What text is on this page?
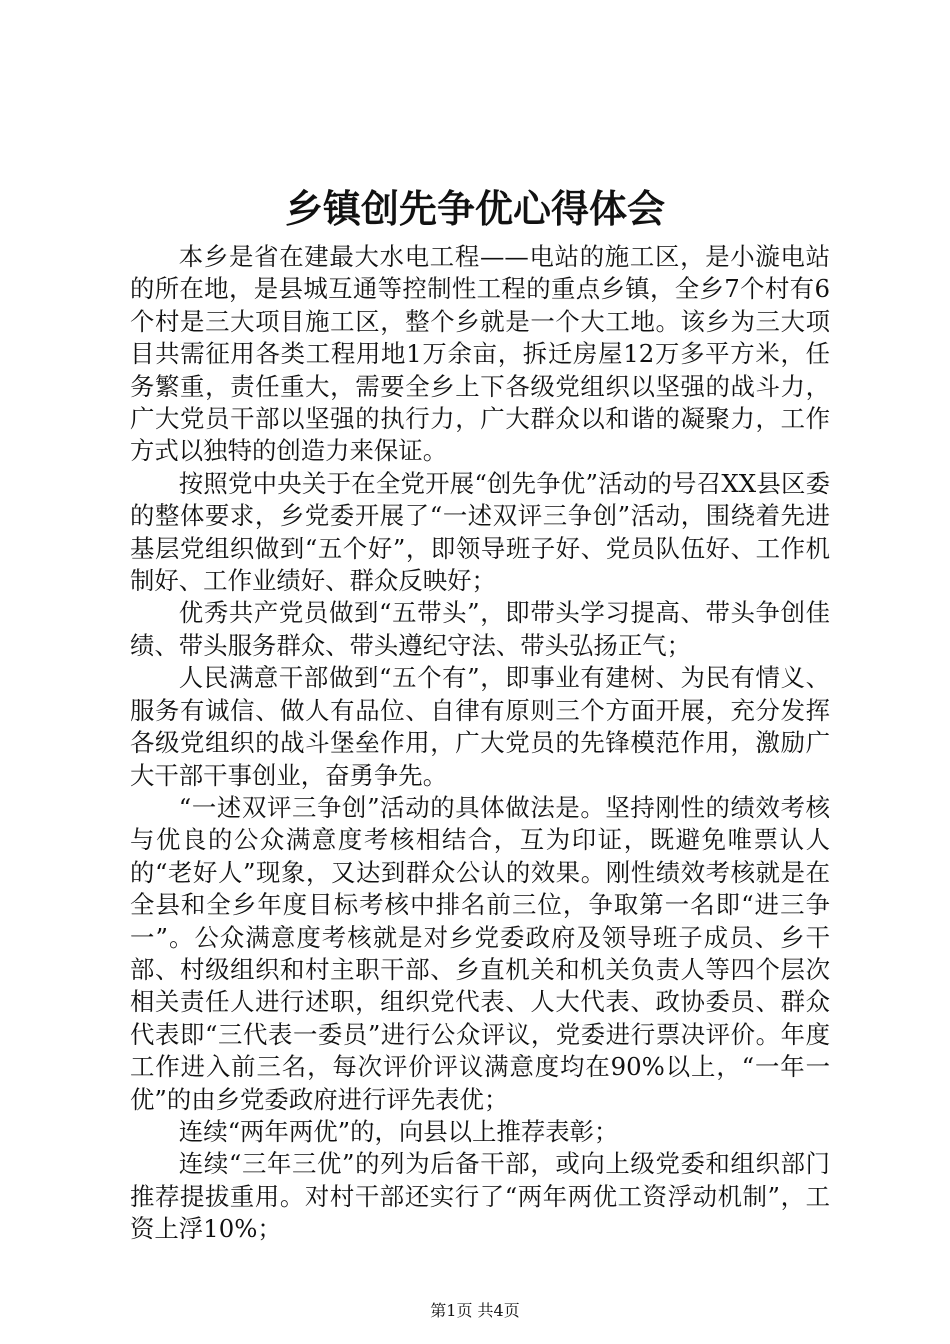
乡镇创先争优心得体会

本乡是省在建最大水电工程——电站的施工区，是小漩电站的所在地，是县城互通等控制性工程的重点乡镇，全乡7个村有6个村是三大项目施工区，整个乡就是一个大工地。该乡为三大项目共需征用各类工程用地1万余亩，拆迁房屋12万多平方米，任务繁重，责任重大，需要全乡上下各级党组织以坚强的战斗力，广大党员干部以坚强的执行力，广大群众以和谐的凝聚力，工作方式以独特的创造力来保证。

按照党中央关于在全党开展“创先争优”活动的号召XX县区委的整体要求，乡党委开展了“一述双评三争创”活动，围绕着先进基层党组织做到“五个好”，即领导班子好、党员队伍好、工作机制好、工作业绩好、群众反映好；

优秀共产党员做到“五带头”，即带头学习提高、带头争创佳绩、带头服务群众、带头遵纪守法、带头弘扬正气；

人民满意干部做到“五个有”，即事业有建树、为民有情义、服务有诚信、做人有品位、自律有原则三个方面开展，充分发挥各级党组织的战斗堡垒作用，广大党员的先锋模范作用，激励广大干部干事创业，奋勇争先。

“一述双评三争创”活动的具体做法是。坚持刚性的绩效考核与优良的公众满意度考核相结合，互为印证，既避免唯票认人的“老好人”现象，又达到群众公认的效果。刚性绩效考核就是在全县和全乡年度目标考核中排名前三位，争取第一名即“进三争一”。公众满意度考核就是对乡党委政府及领导班子成员、乡干部、村级组织和村主职干部、乡直机关和机关负责人等四个层次相关责任人进行述职，组织党代表、人大代表、政协委员、群众代表即“三代表一委员”进行公众评议，党委进行票决评价。年度工作进入前三名，每次评价评议满意度均在90%以上，“一年一优”的由乡党委政府进行评先表优；

连续“两年两优”的，向县以上推荐表彰；

连续“三年三优”的列为后备干部，或向上级党委和组织部门推荐提拔重用。对村干部还实行了“两年两优工资浮动机制”，工资上浮10%；

第1页 共4页
